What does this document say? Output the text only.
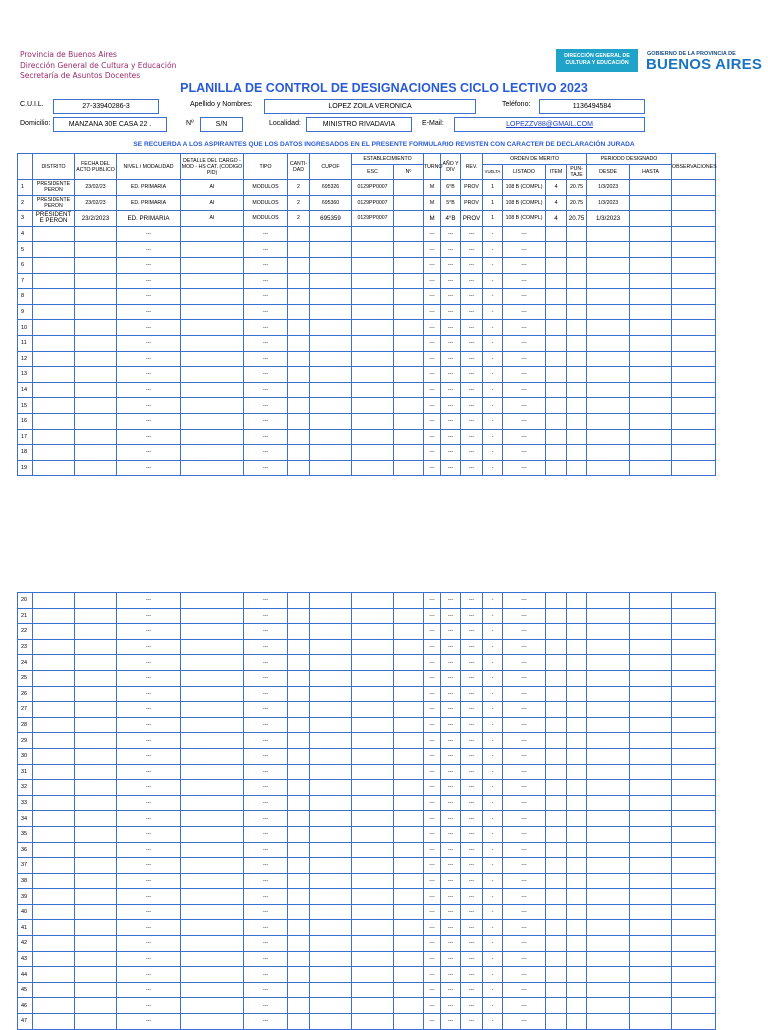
Provincia de Buenos Aires
Dirección General de Cultura y Educación
Secretaría de Asuntos Docentes
DIRECCIÓN GENERAL DE
CULTURA Y EDUCACIÓN
GOBIERNO DE LA PROVINCIA DE
BUENOS AIRES
PLANILLA DE CONTROL DE DESIGNACIONES CICLO LECTIVO 2023
C.U.I.L.	27-33940286-3	Apellido y Nombres:	LOPEZ ZOILA VERONICA	Teléfono:	1136494584
Domicilio:	MANZANA 30E CASA 22 .	Nº	S/N	Localidad:	MINISTRO RIVADAVIA	E-Mail:	LOPEZZV88@GMAIL.COM
SE RECUERDA A LOS ASPIRANTES QUE LOS DATOS INGRESADOS EN EL PRESENTE FORMULARIO REVISTEN CON CARACTER DE DECLARACIÓN JURADA
	DISTRITO	FECHA DEL ACTO PUBLICO	NIVEL / MODALIDAD	DETALLE DEL CARGO - MOD - HS CAT. (CODIGO PID)	TIPO	CANTI-DAD	CUPOF	ESTABLECIMIENTO		TURNO	AÑO Y DIV	REV.	ORDEN DE MERITO				PERIODO DESIGNADO		OBSERVACIONES
								ESC	Nº				VUELTA	LISTADO	ITEM	PUN-TAJE	DESDE	HASTA	
1	PRESIDENTE PERON	23/02/23	ED. PRIMARIA	AI	MODULOS	2	695326	0129PP0007		M	6°B	PROV	1	108 B (COMPL)	4	20.75	1/3/2023		
2	PRESIDENTE PERON	23/02/23	ED. PRIMARIA	AI	MODULOS	2	695360	0129PP0007		M	5°B	PROV	1	108 B (COMPL)	4	20.75	1/3/2023		
3	PRESIDENT E PERON	23/2/2023	ED. PRIMARIA	AI	MODULOS	2	695359	0129PP0007		M	4°B	PROV	1	108 B (COMPL)	4	20.75	1/3/2023		
4			---		---					---	---	---	-	---					
5			---		---					---	---	---	-	---					
6			---		---					---	---	---	-	---					
7			---		---					---	---	---	-	---					
8			---		---					---	---	---	-	---					
9			---		---					---	---	---	-	---					
10			---		---					---	---	---	-	---					
11			---		---					---	---	---	-	---					
12			---		---					---	---	---	-	---					
13			---		---					---	---	---	-	---					
14			---		---					---	---	---	-	---					
15			---		---					---	---	---	-	---					
16			---		---					---	---	---	-	---					
17			---		---					---	---	---	-	---					
18			---		---					---	---	---	-	---					
19			---		---					---	---	---	-	---					
20			---		---					---	---	---	-	---					
21			---		---					---	---	---	-	---					
22			---		---					---	---	---	-	---					
23			---		---					---	---	---	-	---					
24			---		---					---	---	---	-	---					
25			---		---					---	---	---	-	---					
26			---		---					---	---	---	-	---					
27			---		---					---	---	---	-	---					
28			---		---					---	---	---	-	---					
29			---		---					---	---	---	-	---					
30			---		---					---	---	---	-	---					
31			---		---					---	---	---	-	---					
32			---		---					---	---	---	-	---					
33			---		---					---	---	---	-	---					
34			---		---					---	---	---	-	---					
35			---		---					---	---	---	-	---					
36			---		---					---	---	---	-	---					
37			---		---					---	---	---	-	---					
38			---		---					---	---	---	-	---					
39			---		---					---	---	---	-	---					
40			---		---					---	---	---	-	---					
41			---		---					---	---	---	-	---					
42			---		---					---	---	---	-	---					
43			---		---					---	---	---	-	---					
44			---		---					---	---	---	-	---					
45			---		---					---	---	---	-	---					
46			---		---					---	---	---	-	---					
47			---		---					---	---	---	-	---					
